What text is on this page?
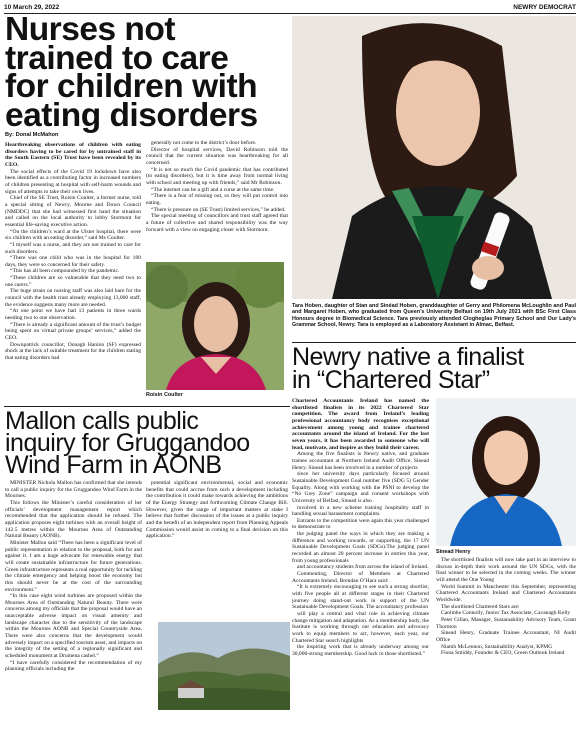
10 March 29, 2022	NEWRY DEMOCRAT
Nurses not
trained to care
for children with
eating disorders
By: Donal McMahon

Heartbreaking observations of children with eating disorders having to be cared for by untrained staff in the South Eastern (SE) Trust have been revealed by its CEO.

The social effects of the Covid 19 lockdown have also been identified as a contributing factor in increased numbers of children presenting at hospital with self-harm wounds and signs of attempts to take their own lives.

Chief of the SE Trust, Roisin Coulter, a former nurse, told a special sitting of Newry, Mourne and Down Council (NMDDC) that she had witnessed first hand the situation and called on the local authority to lobby Stormont for essential life-saving executive action.

“On the children’s ward at the Ulster hospital, there were six children with an eating disorder,” said Ms Coulter.

“I myself was a nurse, and they are not trained to care for such disorders.

“There was one child who was in the hospital for 100 days, they were so concerned for their safety.

“This has all been compounded by the pandemic.

“These children are so vulnerable that they need two to one carers.”

The huge strain on nursing staff was also laid bare for the council with the health trust already employing 13,000 staff, the evidence suggests many more are needed.

“At one point we have had 13 patients in three wards needing two to one observation.

“There is already a significant amount of the trust’s budget being spent on virtual private groups’ services,” added the CEO.

Downpatrick councillor, Oonagh Hanlon (SF) expressed shock at the lack of suitable treatment for the children stating that eating disorders had

generally not come to the district’s door before.

Director of hospital services, David Robinson told the council that the current situation was heartbreaking for all concerned.

“It is not so much the Covid pandemic that has contributed (to eating disorders), but it is time away from normal living with school and meeting up with friends,” said Mr Robinson.

“The internet can be a gift and a curse at the same time.

“There is a fear of missing out, so they will put control into eating.

“There is pressure on (SE Trust) limited services,” he added.

The special meeting of councillors and trust staff agreed that a future of collective and shared responsibility was the way forward with a view on engaging closer with Stormont.

Roisin Coulter
Tara Hoben, daughter of Stan and Sinéad Hoben, granddaughter of Gerry and Philomena McLoughlin and Paul and Margaret Hoben, who graduated from Queen’s University Belfast on 19th July 2021 with BSc First Class Honours degree in Biomedical Science. Tara previously attended Clogheglas Primary School and Our Lady’s Grammar School, Newry. Tara is employed as a Laboratory Assistant in Almac, Belfast.
Mallon calls public
inquiry for Gruggandoo
Wind Farm in AONB

MINISTER Nichola Mallon has confirmed that she intends to call a public inquiry for the Gruggandoo Wind Farm in the Mournes.

This follows the Minister’s careful consideration of her officials’ development management report which recommended that the application should be refused. The application proposes eight turbines with an overall height of 142.5 metres within the Mournes Area of Outstanding Natural Beauty (AONB).

Minister Mallon said “There has been a significant level of public representation in relation to the proposal, both for and against it. I am a huge advocate for renewable energy that will create sustainable infrastructure for future generations. Green infrastructure represents a real opportunity for tackling the climate emergency and helping boost the economy but this should never be at the cost of the surrounding environment.”

“In this case eight wind turbines are proposed within the Mournes Area of Outstanding Natural Beauty. There were concerns among my officials that the proposal would have an unacceptable adverse impact on visual amenity and landscape character due to the sensitivity of the landscape within the Mournes AONB and Special Countryside Area. There were also concerns that the development would adversely impact on a specified tourism asset, and impacts on the integrity of the setting of a regionally significant and scheduled monument at Drumena cashel.”

“I have carefully considered the recommendation of my planning officials including the

potential significant environmental, social and economic benefits that could accrue from such a development including the contribution it could make towards achieving the ambitions of the Energy Strategy and forthcoming Climate Change Bill. However, given the range of important matters at stake I believe that further discussion of the issues at a public inquiry and the benefit of an independent report from Planning Appeals Commission would assist in coming to a final decision on this application.”

Newry native a finalist
in “Chartered Star”

Chartered Accountants Ireland has named the shortlisted finalists in its 2022 Chartered Star competition. The award from Ireland’s leading professional accountancy body recognises exceptional achievement among young and trainee chartered accountants around the island of Ireland. For the last seven years, it has been awarded to someone who will lead, motivate, and inspire as they build their career.

Among the five finalists is Newry native, and graduate trainee accountant at Northern Ireland Audit Office, Sinead Henry. Sinead has been involved in a number of projects

since her university days particularly focused around Sustainable Development Goal number five (SDG 5) Gender Equality. Along with working with the PSNI to develop the “No Grey Zone” campaign and consent workshops with University of Belfast, Sinead is also

involved in a new scheme training hospitality staff in handling sexual harassment complaints.

Entrants to the competition were again this year challenged to demonstrate to

the judging panel the ways in which they are making a difference and working towards, or supporting, the 17 UN Sustainable Development Goals (SDGs).The judging panel recorded an almost 20 percent increase in entries this year, from young professionals

and accountancy students from across the island of Ireland.

Commenting, Director of Members at Chartered Accountants Ireland, Brendan O’Hara said:

“It is extremely encouraging to see such a strong shortlist, with five people all at different stages in their Chartered journey doing stand-out work in support of the UN Sustainable Development Goals. The accountancy profession

will play a central and vital role in achieving climate change mitigation and adaptation. As a membership body, the Institute is working through our education and advocacy work to equip members to act, however, each year, our Chartered Star search highlights

the inspiring work that is already underway among our 30,000-strong membership. Good luck to those shortlisted.”

Sinead Henry

The shortlisted finalists will now take part in an interview to discuss in-depth their work around the UN SDGs, with the final winner to be selected in the coming weeks. The winner will attend the One Young

World Summit in Manchester this September, representing Chartered Accountants Ireland and Chartered Accountants Worldwide.

The shortlisted Chartered Stars are:

Caoimhe Connolly, Junior Tax Associate, Cavanagh Kelly

Peter Gillan, Manager, Sustainability Advisory Team, Grant Thornton

Sinead Henry, Graduate Trainee Accountant, NI Audit Office

Niamh McLennon, Sustainability Analyst, KPMG

Fiona Smiddy, Founder & CEO, Green Outlook Ireland
